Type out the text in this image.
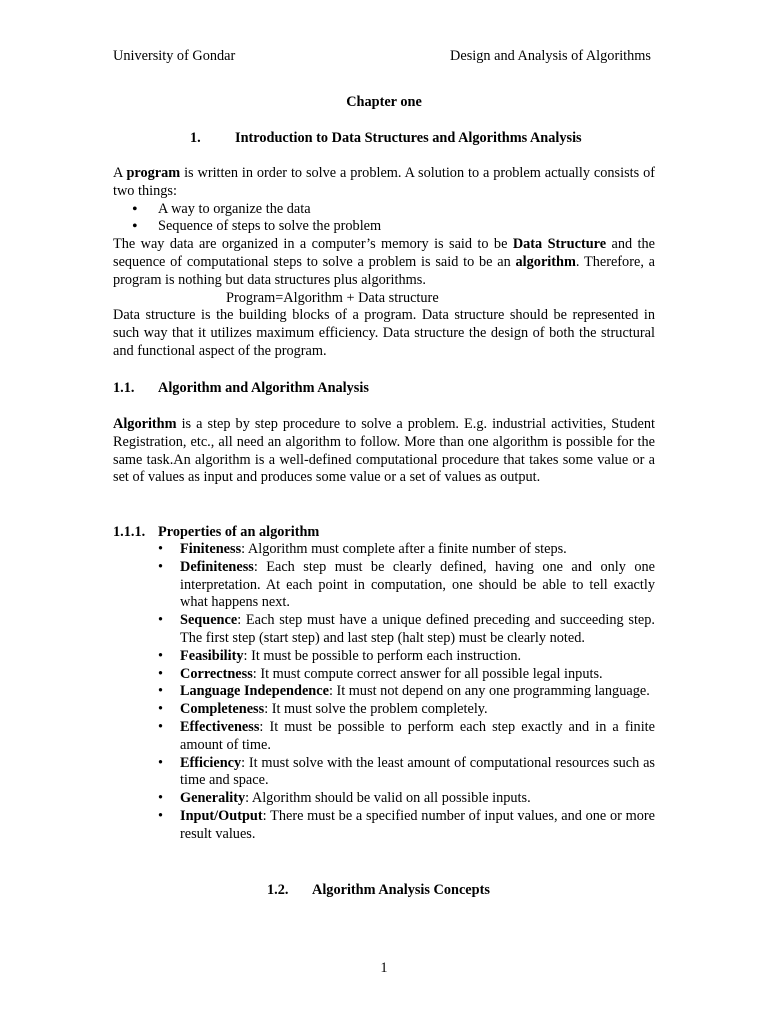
University of Gondar	Design and Analysis of Algorithms
Chapter one
1. Introduction to Data Structures and Algorithms Analysis

A program is written in order to solve a problem. A solution to a problem actually consists of two things:

• A way to organize the data
• Sequence of steps to solve the problem

The way data are organized in a computer’s memory is said to be Data Structure and the sequence of computational steps to solve a problem is said to be an algorithm. Therefore, a program is nothing but data structures plus algorithms.

Program=Algorithm + Data structure

Data structure is the building blocks of a program. Data structure should be represented in such way that it utilizes maximum efficiency. Data structure the design of both the structural and functional aspect of the program.

1.1. Algorithm and Algorithm Analysis

Algorithm is a step by step procedure to solve a problem. E.g. industrial activities, Student Registration, etc., all need an algorithm to follow. More than one algorithm is possible for the same task.An algorithm is a well-defined computational procedure that takes some value or a set of values as input and produces some value or a set of values as output.

1.1.1. Properties of an algorithm
• Finiteness: Algorithm must complete after a finite number of steps.
• Definiteness: Each step must be clearly defined, having one and only one interpretation. At each point in computation, one should be able to tell exactly what happens next.
• Sequence: Each step must have a unique defined preceding and succeeding step. The first step (start step) and last step (halt step) must be clearly noted.
• Feasibility: It must be possible to perform each instruction.
• Correctness: It must compute correct answer for all possible legal inputs.
• Language Independence: It must not depend on any one programming language.
• Completeness: It must solve the problem completely.
• Effectiveness: It must be possible to perform each step exactly and in a finite amount of time.
• Efficiency: It must solve with the least amount of computational resources such as time and space.
• Generality: Algorithm should be valid on all possible inputs.
• Input/Output: There must be a specified number of input values, and one or more result values.
1.2. Algorithm Analysis Concepts
1
